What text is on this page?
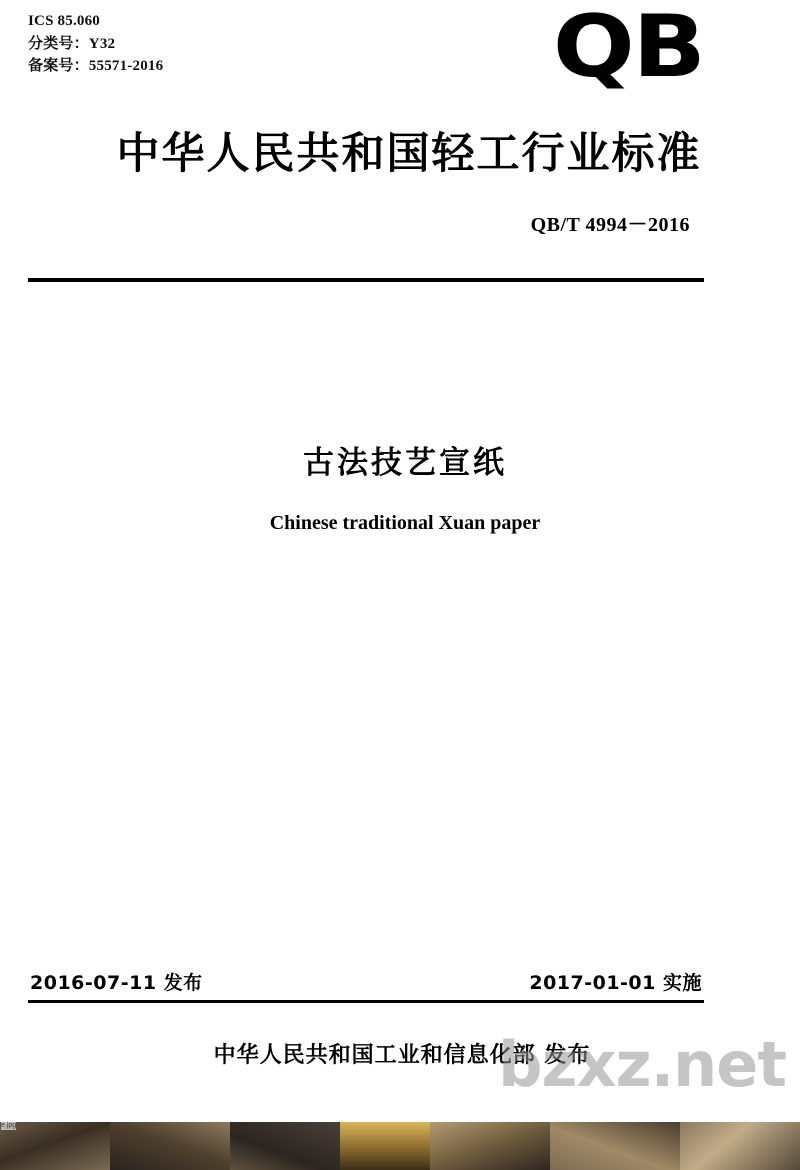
ICS 85.060
分类号：Y32
备案号：55571-2016	QB
中华人民共和国轻工行业标准
QB/T 4994－2016
古法技艺宣纸
Chinese traditional Xuan paper
2016-07-11 发布	2017-01-01 实施
中华人民共和国工业和信息化部 发布
bzxz.net
e.jpg
